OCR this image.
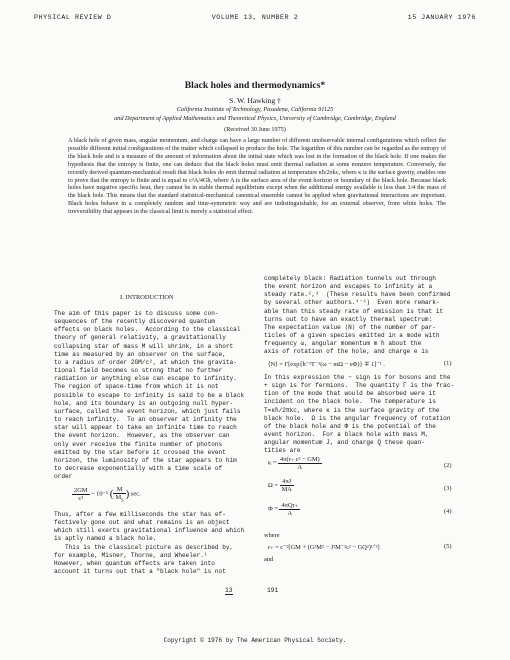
PHYSICAL REVIEW D	VOLUME 13, NUMBER 2	15 JANUARY 1976
Black holes and thermodynamics*
S. W. Hawking †
California Institute of Technology, Pasadena, California 91125
and Department of Applied Mathematics and Theoretical Physics, University of Cambridge, Cambridge, England
(Received 30 June 1975)
A black hole of given mass, angular momentum, and charge can have a large number of different unobservable internal configurations which reflect the possible different initial configurations of the matter which collapsed to produce the hole. The logarithm of this number can be regarded as the entropy of the black hole and is a measure of the amount of information about the initial state which was lost in the formation of the black hole. If one makes the hypothesis that the entropy is finite, one can deduce that the black holes must emit thermal radiation at some nonzero temperature. Conversely, the recently derived quantum-mechanical result that black holes do emit thermal radiation at temperature κħ/2πkc, where κ is the surface gravity, enables one to prove that the entropy is finite and is equal to c³A/4Għ, where A is the surface area of the event horizon or boundary of the black hole. Because black holes have negative specific heat, they cannot be in stable thermal equilibrium except when the additional energy available is less than 1/4 the mass of the black hole. This means that the standard statistical-mechanical canonical ensemble cannot be applied when gravitational interactions are important. Black holes behave in a completely random and time-symmetric way and are indistinguishable, for an external observer, from white holes. The irreversibility that appears in the classical limit is merely a statistical effect.
I. INTRODUCTION
The aim of this paper is to discuss some con-
sequences of the recently discovered quantum
effects on black holes.  According to the classical
theory of general relativity, a gravitationally
collapsing star of mass M will shrink, in a short
time as measured by an observer on the surface,
to a radius of order 2GM/c², at which the gravita-
tional field becomes so strong that no further
radiation or anything else can escape to infinity.
The region of space-time from which it is not
possible to escape to infinity is said to be a black
hole, and its boundary is an outgoing null hyper-
surface, called the event horizon, which just fails
to reach infinity.  To an observer at infinity the
star will appear to take an infinite time to reach
the event horizon.  However, as the observer can
only ever receive the finite number of photons
emitted by the star before it crossed the event
horizon, the luminosity of the star appears to him
to decrease exponentially with a time scale of
order
$\frac{2GM}{\text{c³}}$ ~ 10⁻⁵ ( $\frac{M}{M_S}$ ) sec.
Thus, after a few milliseconds the star has ef-
fectively gone out and what remains is an object
which still exerts gravitational influence and which
is aptly named a black hole.
This is the classical picture as described by,
for example, Misner, Thorne, and Wheeler.¹
However, when quantum effects are taken into
account it turns out that a "black hole" is not
completely black: Radiation tunnels out through
the event horizon and escapes to infinity at a
steady rate.²,³  (These results have been confirmed
by several other authors.⁴⁻⁶)  Even more remark-
able than this steady rate of emission is that it
turns out to have an exactly thermal spectrum:
The expectation value ⟨N⟩ of the number of par-
ticles of a given species emitted in a mode with
frequency ω, angular momentum m ħ about the
axis of rotation of the hole, and charge e is
⟨N⟩ = Γ[exp{ħ⁻¹T⁻¹(ω − mΩ − eΦ)} ∓ 1]⁻¹ .	(1)
In this expression the − sign is for bosons and the
+ sign is for fermions.  The quantity Γ is the frac-
tion of the mode that would be absorbed were it
incident on the black hole.  The temperature is
T=κħ/2πkc, where κ is the surface gravity of the
black hole.  Ω is the angular frequency of rotation
of the black hole and Φ is the potential of the
event horizon.  For a black hole with mass M,
angular momentum J, and charge Q these quan-
tities are
$\kappa = \frac{\text{4π(r₊ c² − GM)}}{A}$	(2)
$\Omega = \frac{4\pi J}{MA}$	(3)
$\Phi = \frac{\text{4πQr₊}}{A}$	(4)
where
r₊ = c⁻²[GM + (G²M² − J²M⁻²c² − GQ²)¹ᐟ²]	(5)
and
13	191
Copyright © 1976 by The American Physical Society.
